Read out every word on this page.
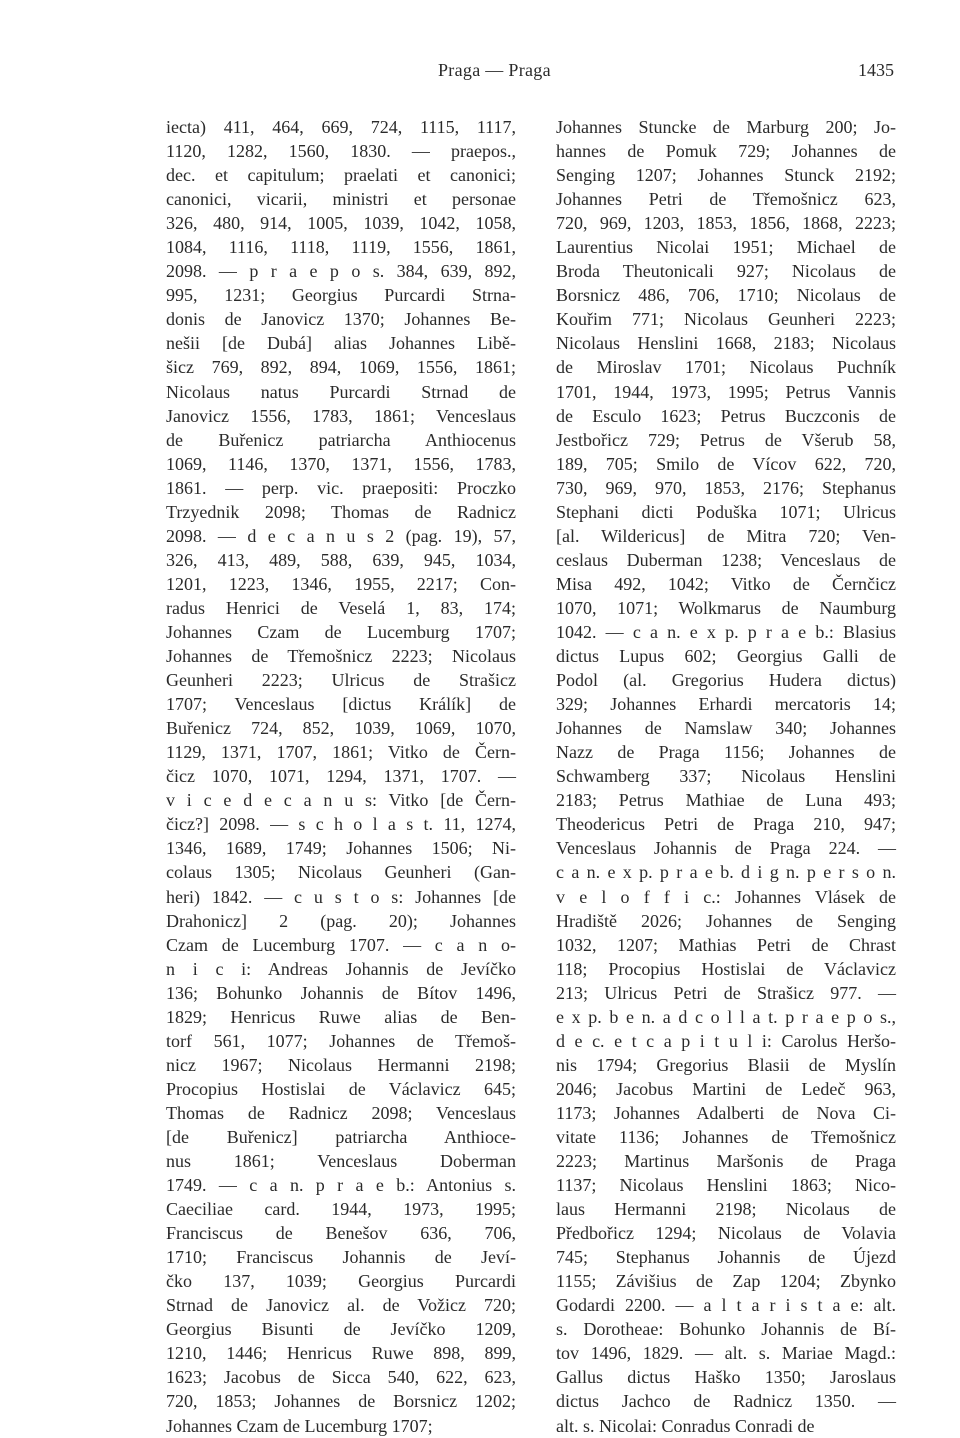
Praga — Praga	1435
iecta) 411, 464, 669, 724, 1115, 1117,
1120, 1282, 1560, 1830. — praepos.,
dec. et capitulum; praelati et canonici;
canonici, vicarii, ministri et personae
326, 480, 914, 1005, 1039, 1042, 1058,
1084, 1116, 1118, 1119, 1556, 1861,
2098. — p r a e p o s. 384, 639, 892,
995, 1231; Georgius Purcardi Strna-
donis de Janovicz 1370; Johannes Be-
nešii [de Dubá] alias Johannes Libě-
šicz 769, 892, 894, 1069, 1556, 1861;
Nicolaus natus Purcardi Strnad de
Janovicz 1556, 1783, 1861; Venceslaus
de Buřenicz patriarcha Anthiocenus
1069, 1146, 1370, 1371, 1556, 1783,
1861. — perp. vic. praepositi: Proczko
Trzyednik 2098; Thomas de Radnicz
2098. — d e c a n u s 2 (pag. 19), 57,
326, 413, 489, 588, 639, 945, 1034,
1201, 1223, 1346, 1955, 2217; Con-
radus Henrici de Veselá 1, 83, 174;
Johannes Czam de Lucemburg 1707;
Johannes de Třemošnicz 2223; Nicolaus
Geunheri 2223; Ulricus de Strašicz
1707; Venceslaus [dictus Králík] de
Buřenicz 724, 852, 1039, 1069, 1070,
1129, 1371, 1707, 1861; Vitko de Čern-
čicz 1070, 1071, 1294, 1371, 1707. —
v i c e d e c a n u s: Vitko [de Čern-
čicz?] 2098. — s c h o l a s t. 11, 1274,
1346, 1689, 1749; Johannes 1506; Ni-
colaus 1305; Nicolaus Geunheri (Gan-
heri) 1842. — c u s t o s: Johannes [de
Drahonicz] 2 (pag. 20); Johannes
Czam de Lucemburg 1707. — c a n o-
n i c i: Andreas Johannis de Jevíčko
136; Bohunko Johannis de Bítov 1496,
1829; Henricus Ruwe alias de Ben-
torf 561, 1077; Johannes de Třemoš-
nicz 1967; Nicolaus Hermanni 2198;
Procopius Hostislai de Václavicz 645;
Thomas de Radnicz 2098; Venceslaus
[de Buřenicz] patriarcha Anthioce-
nus 1861; Venceslaus Doberman
1749. — c a n. p r a e b.: Antonius s.
Caeciliae card. 1944, 1973, 1995;
Franciscus de Benešov 636, 706,
1710; Franciscus Johannis de Jeví-
čko 137, 1039; Georgius Purcardi
Strnad de Janovicz al. de Vožicz 720;
Georgius Bisunti de Jevíčko 1209,
1210, 1446; Henricus Ruwe 898, 899,
1623; Jacobus de Sicca 540, 622, 623,
720, 1853; Johannes de Borsnicz 1202;
Johannes Czam de Lucemburg 1707;
Johannes Stuncke de Marburg 200; Jo-
hannes de Pomuk 729; Johannes de
Senging 1207; Johannes Stunck 2192;
Johannes Petri de Třemošnicz 623,
720, 969, 1203, 1853, 1856, 1868, 2223;
Laurentius Nicolai 1951; Michael de
Broda Theutonicali 927; Nicolaus de
Borsnicz 486, 706, 1710; Nicolaus de
Kouřim 771; Nicolaus Geunheri 2223;
Nicolaus Henslini 1668, 2183; Nicolaus
de Miroslav 1701; Nicolaus Puchník
1701, 1944, 1973, 1995; Petrus Vannis
de Esculo 1623; Petrus Buczconis de
Jestbořicz 729; Petrus de Všerub 58,
189, 705; Smilo de Vícov 622, 720,
730, 969, 970, 1853, 2176; Stephanus
Stephani dicti Poduška 1071; Ulricus
[al. Wildericus] de Mitra 720; Ven-
ceslaus Duberman 1238; Venceslaus de
Misa 492, 1042; Vitko de Černčicz
1070, 1071; Wolkmarus de Naumburg
1042. — c a n. e x p. p r a e b.: Blasius
dictus Lupus 602; Georgius Galli de
Podol (al. Gregorius Hudera dictus)
329; Johannes Erhardi mercatoris 14;
Johannes de Namslaw 340; Johannes
Nazz de Praga 1156; Johannes de
Schwamberg 337; Nicolaus Henslini
2183; Petrus Mathiae de Luna 493;
Theodericus Petri de Praga 210, 947;
Venceslaus Johannis de Praga 224. —
c a n. e x p. p r a e b. d i g n. p e r s o n.
v e l o f f i c.: Johannes Vlásek de
Hradiště 2026; Johannes de Senging
1032, 1207; Mathias Petri de Chrast
118; Procopius Hostislai de Václavicz
213; Ulricus Petri de Strašicz 977. —
e x p. b e n. a d c o l l a t. p r a e p o s.,
d e c. e t c a p i t u l i: Carolus Heršo-
nis 1794; Gregorius Blasii de Myslín
2046; Jacobus Martini de Ledeč 963,
1173; Johannes Adalberti de Nova Ci-
vitate 1136; Johannes de Třemošnicz
2223; Martinus Maršonis de Praga
1137; Nicolaus Henslini 1863; Nico-
laus Hermanni 2198; Nicolaus de
Předbořicz 1294; Nicolaus de Volavia
745; Stephanus Johannis de Újezd
1155; Závišius de Zap 1204; Zbynko
Godardi 2200. — a l t a r i s t a e: alt.
s. Dorotheae: Bohunko Johannis de Bí-
tov 1496, 1829. — alt. s. Mariae Magd.:
Gallus dictus Haško 1350; Jaroslaus
dictus Jachco de Radnicz 1350. —
alt. s. Nicolai: Conradus Conradi de
